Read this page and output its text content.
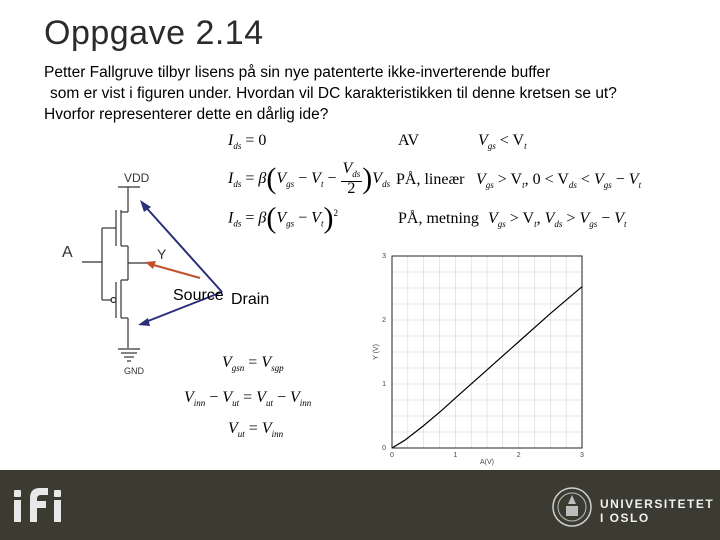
Oppgave 2.14
Petter Fallgruve tilbyr lisens på sin nye patenterte ikke-inverterende buffer
som er vist i figuren under. Hvordan vil DC karakteristikken til denne kretsen se ut?
Hvorfor representerer dette en dårlig ide?
$I_{ds} = 0$	AV	$V_{gs} < V_t$
$I_{ds} = \beta(V_{gs} - V_t - \frac{V_{ds}}{2} )V_{ds}$ PÅ, lineær $V_{gs} > V_t$, $0 < V_{ds} < V_{gs} - V_t$
$I_{ds} = \beta(V_{gs} - V_t)^2$	PÅ, metning $V_{gs} > V_t$, $V_{ds} > V_{gs} - V_t$
VDD
A	Y
GND
Source Drain
$V_{gsn} = V_{sgp}$
$V_{inn} - V_{ut} = V_{ut} - V_{inn}$
$V_{ut} = V_{inn}$
0	1	2	3
0
1
2
3
A(V)
Y (V)
UNIVERSITETET
I OSLO
